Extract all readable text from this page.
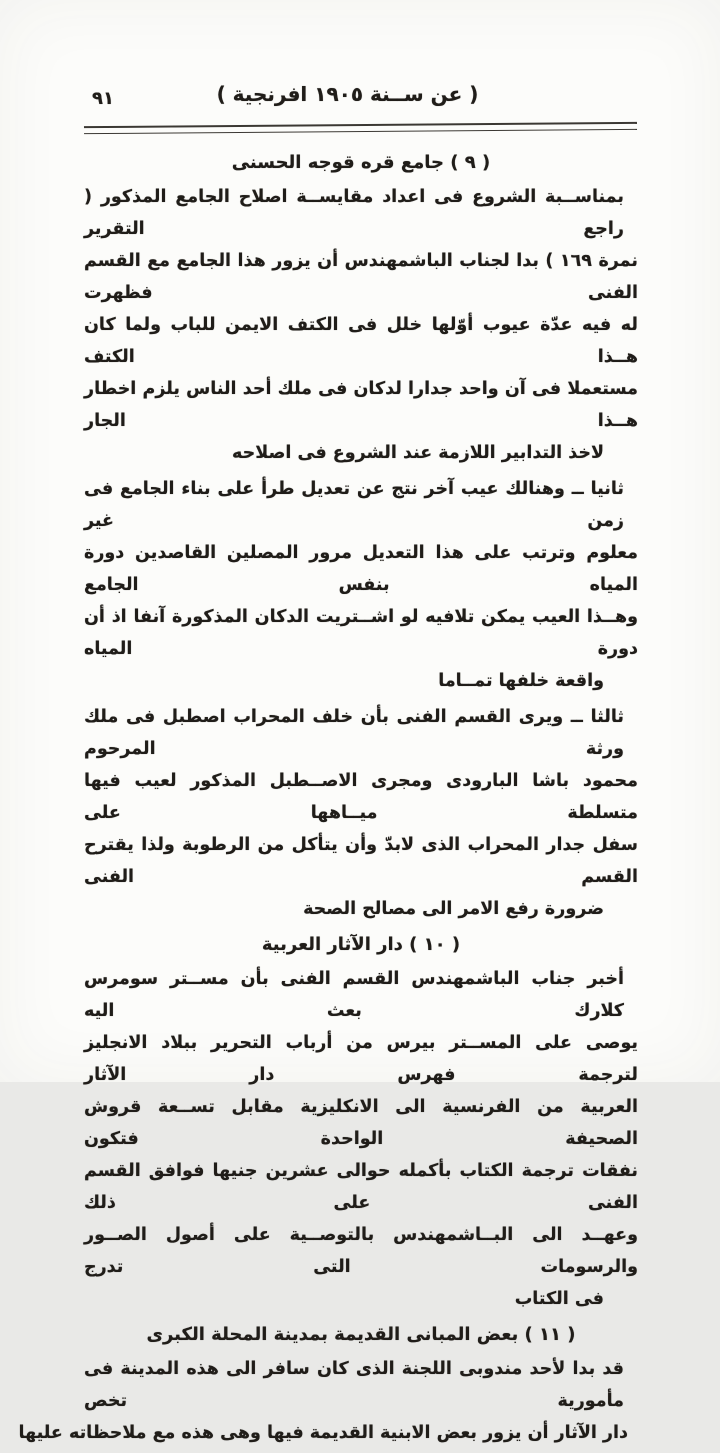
٩١	( عن ســنة ١٩٠٥ افرنجية )
( ٩ ) جامع قره قوجه الحسنى
بمناســبة الشروع فى اعداد مقايســة اصلاح الجامع المذكور ( راجع التقرير
نمرة ١٦٩ ) بدا لجناب الباشمهندس أن يزور هذا الجامع مع القسم الفنى فظهرت
له فيه عدّة عيوب أوّلها خلل فى الكتف الايمن للباب ولما كان هــذا الكتف
مستعملا فى آن واحد جدارا لدكان فى ملك أحد الناس يلزم اخطار هــذا الجار
لاخذ التدابير اللازمة عند الشروع فى اصلاحه
ثانيا ــ وهنالك عيب آخر نتج عن تعديل طرأ على بناء الجامع فى زمن غير
معلوم وترتب على هذا التعديل مرور المصلين القاصدين دورة المياه بنفس الجامع
وهــذا العيب يمكن تلافيه لو اشــتريت الدكان المذكورة آنفا اذ أن دورة المياه
واقعة خلفها تمــاما
ثالثا ــ ويرى القسم الفنى بأن خلف المحراب اصطبل فى ملك ورثة المرحوم
محمود باشا البارودى ومجرى الاصــطبل المذكور لعيب فيها متسلطة ميــاهها على
سفل جدار المحراب الذى لابدّ وأن يتأكل من الرطوبة ولذا يقترح القسم الفنى
ضرورة رفع الامر الى مصالح الصحة
( ١٠ ) دار الآثار العربية
أخبر جناب الباشمهندس القسم الفنى بأن مســتر سومرس كلارك بعث اليه
يوصى على المســتر بيرس من أرباب التحرير ببلاد الانجليز لترجمة فهرس دار الآثار
العربية من الفرنسية الى الانكليزية مقابل تســعة قروش الصحيفة الواحدة فتكون
نفقات ترجمة الكتاب بأكمله حوالى عشرين جنيها فوافق القسم الفنى على ذلك
وعهــد الى البــاشمهندس بالتوصــية على أصول الصــور والرسومات التى تدرج
فى الكتاب
( ١١ ) بعض المبانى القديمة بمدينة المحلة الكبرى
قد بدا لأحد مندوبى اللجنة الذى كان سافر الى هذه المدينة فى مأمورية تخص
دار الآثار أن يزور بعض الابنية القديمة فيها وهى هذه مع ملاحظاته عليها
